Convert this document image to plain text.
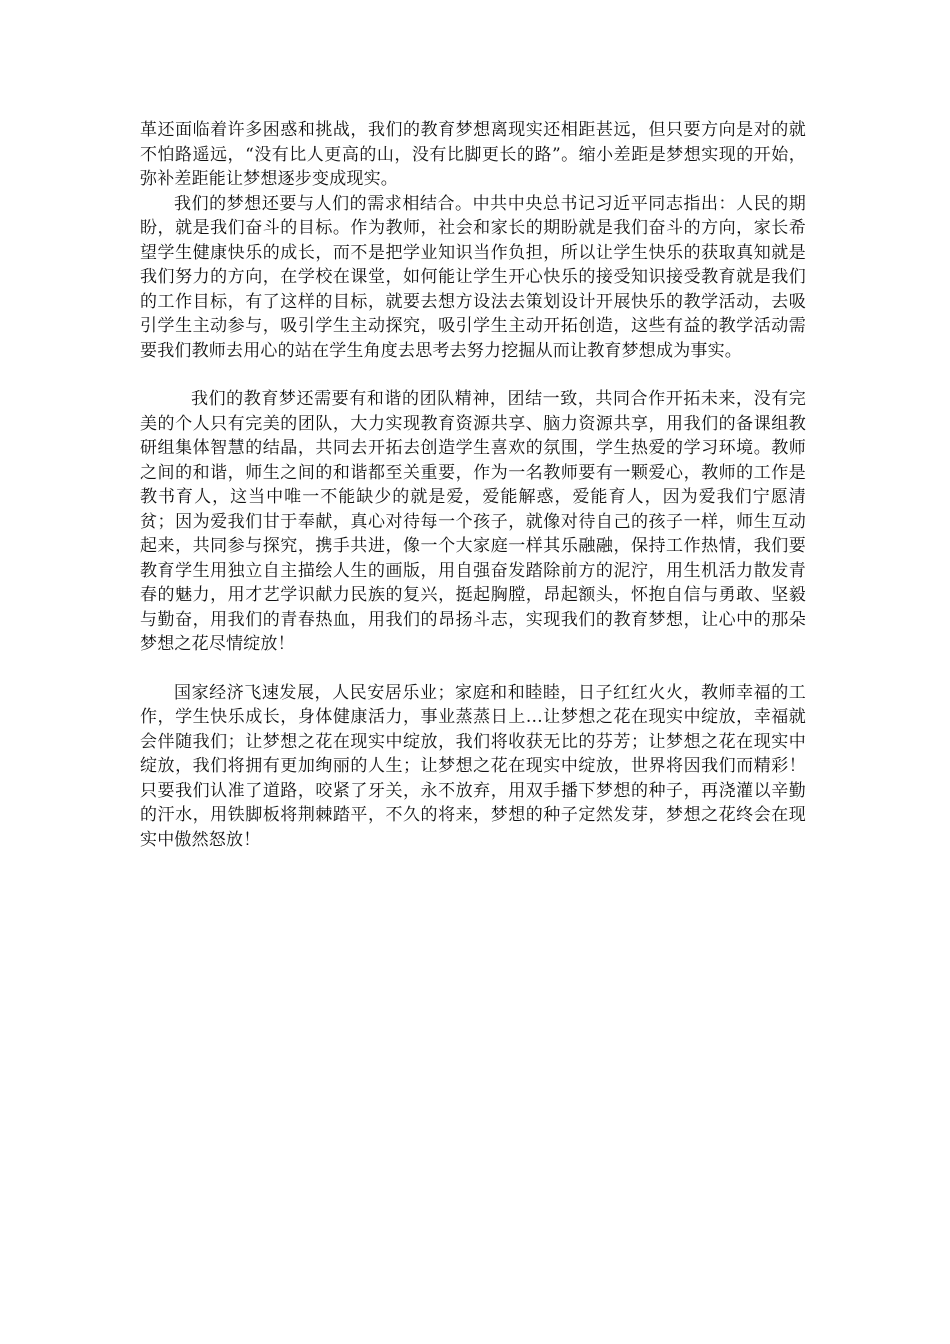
革还面临着许多困惑和挑战，我们的教育梦想离现实还相距甚远，但只要方向是对的就不怕路遥远，“没有比人更高的山，没有比脚更长的路”。缩小差距是梦想实现的开始，弥补差距能让梦想逐步变成现实。

我们的梦想还要与人们的需求相结合。中共中央总书记习近平同志指出：人民的期盼，就是我们奋斗的目标。作为教师，社会和家长的期盼就是我们奋斗的方向，家长希望学生健康快乐的成长，而不是把学业知识当作负担，所以让学生快乐的获取真知就是我们努力的方向，在学校在课堂，如何能让学生开心快乐的接受知识接受教育就是我们的工作目标，有了这样的目标，就要去想方设法去策划设计开展快乐的教学活动，去吸引学生主动参与，吸引学生主动探究，吸引学生主动开拓创造，这些有益的教学活动需要我们教师去用心的站在学生角度去思考去努力挖掘从而让教育梦想成为事实。

我们的教育梦还需要有和谐的团队精神，团结一致，共同合作开拓未来，没有完美的个人只有完美的团队，大力实现教育资源共享、脑力资源共享，用我们的备课组教研组集体智慧的结晶，共同去开拓去创造学生喜欢的氛围，学生热爱的学习环境。教师之间的和谐，师生之间的和谐都至关重要，作为一名教师要有一颗爱心，教师的工作是教书育人，这当中唯一不能缺少的就是爱，爱能解惑，爱能育人，因为爱我们宁愿清贫；因为爱我们甘于奉献，真心对待每一个孩子，就像对待自己的孩子一样，师生互动起来，共同参与探究，携手共进，像一个大家庭一样其乐融融，保持工作热情，我们要教育学生用独立自主描绘人生的画版，用自强奋发踏除前方的泥泞，用生机活力散发青春的魅力，用才艺学识献力民族的复兴，挺起胸膛，昂起额头，怀抱自信与勇敢、坚毅与勤奋，用我们的青春热血，用我们的昂扬斗志，实现我们的教育梦想，让心中的那朵梦想之花尽情绽放！

国家经济飞速发展，人民安居乐业；家庭和和睦睦，日子红红火火，教师幸福的工作，学生快乐成长，身体健康活力，事业蒸蒸日上…让梦想之花在现实中绽放，幸福就会伴随我们；让梦想之花在现实中绽放，我们将收获无比的芬芳；让梦想之花在现实中绽放，我们将拥有更加绚丽的人生；让梦想之花在现实中绽放，世界将因我们而精彩！只要我们认准了道路，咬紧了牙关，永不放弃，用双手播下梦想的种子，再浇灌以辛勤的汗水，用铁脚板将荆棘踏平，不久的将来，梦想的种子定然发芽，梦想之花终会在现实中傲然怒放！
